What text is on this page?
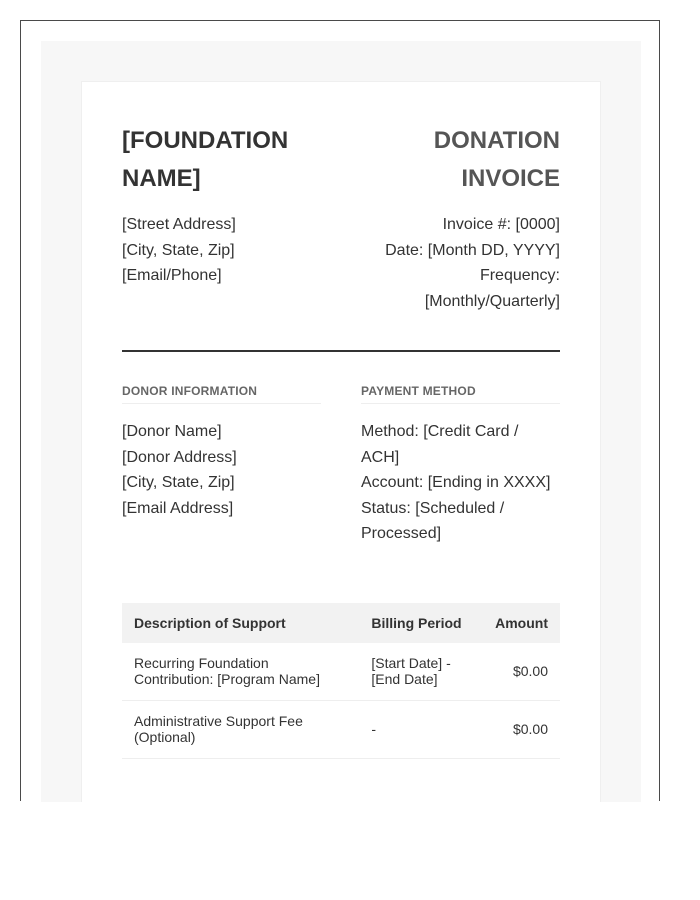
[FOUNDATION NAME]
DONATION INVOICE
[Street Address]
[City, State, Zip]
[Email/Phone]
Invoice #: [0000]
Date: [Month DD, YYYY]
Frequency: [Monthly/Quarterly]
DONOR INFORMATION
[Donor Name]
[Donor Address]
[City, State, Zip]
[Email Address]
PAYMENT METHOD
Method: [Credit Card / ACH]
Account: [Ending in XXXX]
Status: [Scheduled / Processed]
Description of Support	Billing Period	Amount
Recurring Foundation Contribution: [Program Name]	[Start Date] - [End Date]	$0.00
Administrative Support Fee (Optional)	-	$0.00
